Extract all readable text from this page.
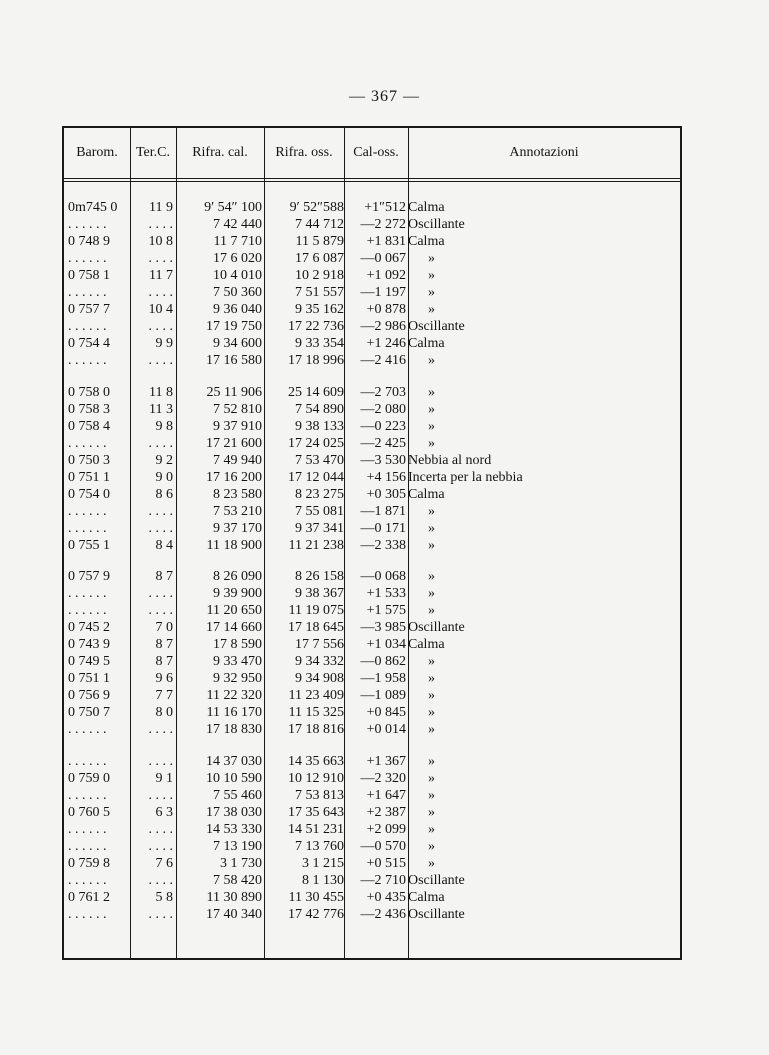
— 367 —
Barom.	Ter.C.	Rifra. cal.	Rifra. oss.	Cal-oss.	Annotazioni
0m745 0	11 9	9′ 54″ 100	9′ 52″588	+1″512 Calma
. . . . . .	. . . .	7 42 440	7 44 712	—2 272 Oscillante
0 748 9	10 8	11 7 710	11 5 879	+1 831 Calma
. . . . . .	. . . .	17 6 020	17 6 087	—0 067	»
0 758 1	11 7	10 4 010	10 2 918	+1 092	»
. . . . . .	. . . .	7 50 360	7 51 557	—1 197	»
0 757 7	10 4	9 36 040	9 35 162	+0 878	»
. . . . . .	. . . .	17 19 750	17 22 736	—2 986 Oscillante
0 754 4	9 9	9 34 600	9 33 354	+1 246 Calma
. . . . . .	. . . .	17 16 580	17 18 996	—2 416	»
0 758 0	11 8	25 11 906	25 14 609	—2 703	»
0 758 3	11 3	7 52 810	7 54 890	—2 080	»
0 758 4	9 8	9 37 910	9 38 133	—0 223	»
. . . . . .	. . . .	17 21 600	17 24 025	—2 425	»
0 750 3	9 2	7 49 940	7 53 470	—3 530 Nebbia al nord
0 751 1	9 0	17 16 200	17 12 044	+4 156 Incerta per la nebbia
0 754 0	8 6	8 23 580	8 23 275	+0 305 Calma
. . . . . .	. . . .	7 53 210	7 55 081	—1 871	»
. . . . . .	. . . .	9 37 170	9 37 341	—0 171	»
0 755 1	8 4	11 18 900	11 21 238	—2 338	»
0 757 9	8 7	8 26 090	8 26 158	—0 068	»
. . . . . .	. . . .	9 39 900	9 38 367	+1 533	»
. . . . . .	. . . .	11 20 650	11 19 075	+1 575	»
0 745 2	7 0	17 14 660	17 18 645	—3 985 Oscillante
0 743 9	8 7	17 8 590	17 7 556	+1 034 Calma
0 749 5	8 7	9 33 470	9 34 332	—0 862	»
0 751 1	9 6	9 32 950	9 34 908	—1 958	»
0 756 9	7 7	11 22 320	11 23 409	—1 089	»
0 750 7	8 0	11 16 170	11 15 325	+0 845	»
. . . . . .	. . . .	17 18 830	17 18 816	+0 014	»
. . . . . .	. . . .	14 37 030	14 35 663	+1 367	»
0 759 0	9 1	10 10 590	10 12 910	—2 320	»
. . . . . .	. . . .	7 55 460	7 53 813	+1 647	»
0 760 5	6 3	17 38 030	17 35 643	+2 387	»
. . . . . .	. . . .	14 53 330	14 51 231	+2 099	»
. . . . . .	. . . .	7 13 190	7 13 760	—0 570	»
0 759 8	7 6	3 1 730	3 1 215	+0 515	»
. . . . . .	. . . .	7 58 420	8 1 130	—2 710 Oscillante
0 761 2	5 8	11 30 890	11 30 455	+0 435 Calma
. . . . . .	. . . .	17 40 340	17 42 776	—2 436 Oscillante
